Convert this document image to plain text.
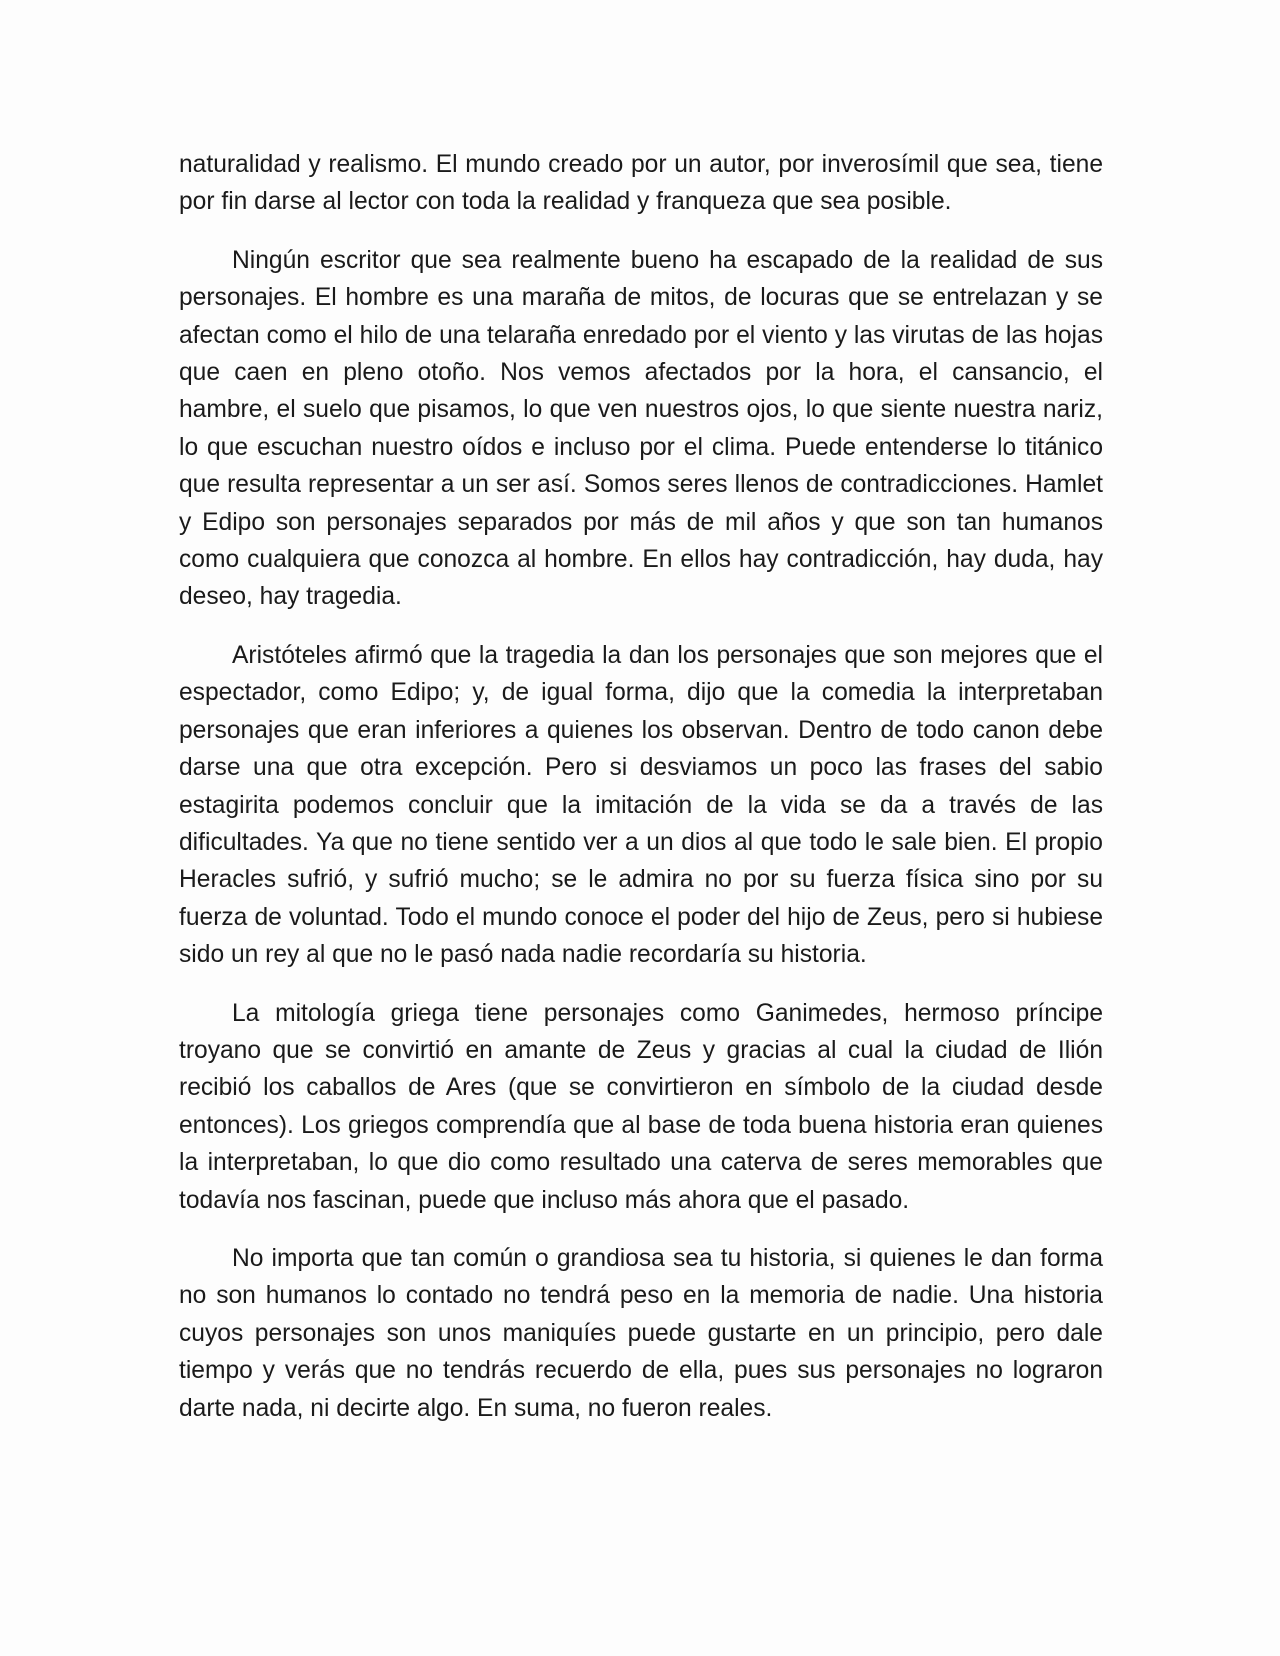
naturalidad y realismo. El mundo creado por un autor, por inverosímil que sea, tiene por fin darse al lector con toda la realidad y franqueza que sea posible.

Ningún escritor que sea realmente bueno ha escapado de la realidad de sus personajes. El hombre es una maraña de mitos, de locuras que se entrelazan y se afectan como el hilo de una telaraña enredado por el viento y las virutas de las hojas que caen en pleno otoño. Nos vemos afectados por la hora, el cansancio, el hambre, el suelo que pisamos, lo que ven nuestros ojos, lo que siente nuestra nariz, lo que escuchan nuestro oídos e incluso por el clima. Puede entenderse lo titánico que resulta representar a un ser así. Somos seres llenos de contradicciones. Hamlet y Edipo son personajes separados por más de mil años y que son tan humanos como cualquiera que conozca al hombre. En ellos hay contradicción, hay duda, hay deseo, hay tragedia.

Aristóteles afirmó que la tragedia la dan los personajes que son mejores que el espectador, como Edipo; y, de igual forma, dijo que la comedia la interpretaban personajes que eran inferiores a quienes los observan. Dentro de todo canon debe darse una que otra excepción. Pero si desviamos un poco las frases del sabio estagirita podemos concluir que la imitación de la vida se da a través de las dificultades. Ya que no tiene sentido ver a un dios al que todo le sale bien. El propio Heracles sufrió, y sufrió mucho; se le admira no por su fuerza física sino por su fuerza de voluntad. Todo el mundo conoce el poder del hijo de Zeus, pero si hubiese sido un rey al que no le pasó nada nadie recordaría su historia.

La mitología griega tiene personajes como Ganimedes, hermoso príncipe troyano que se convirtió en amante de Zeus y gracias al cual la ciudad de Ilión recibió los caballos de Ares (que se convirtieron en símbolo de la ciudad desde entonces). Los griegos comprendía que al base de toda buena historia eran quienes la interpretaban, lo que dio como resultado una caterva de seres memorables que todavía nos fascinan, puede que incluso más ahora que el pasado.

No importa que tan común o grandiosa sea tu historia, si quienes le dan forma no son humanos lo contado no tendrá peso en la memoria de nadie. Una historia cuyos personajes son unos maniquíes puede gustarte en un principio, pero dale tiempo y verás que no tendrás recuerdo de ella, pues sus personajes no lograron darte nada, ni decirte algo. En suma, no fueron reales.
